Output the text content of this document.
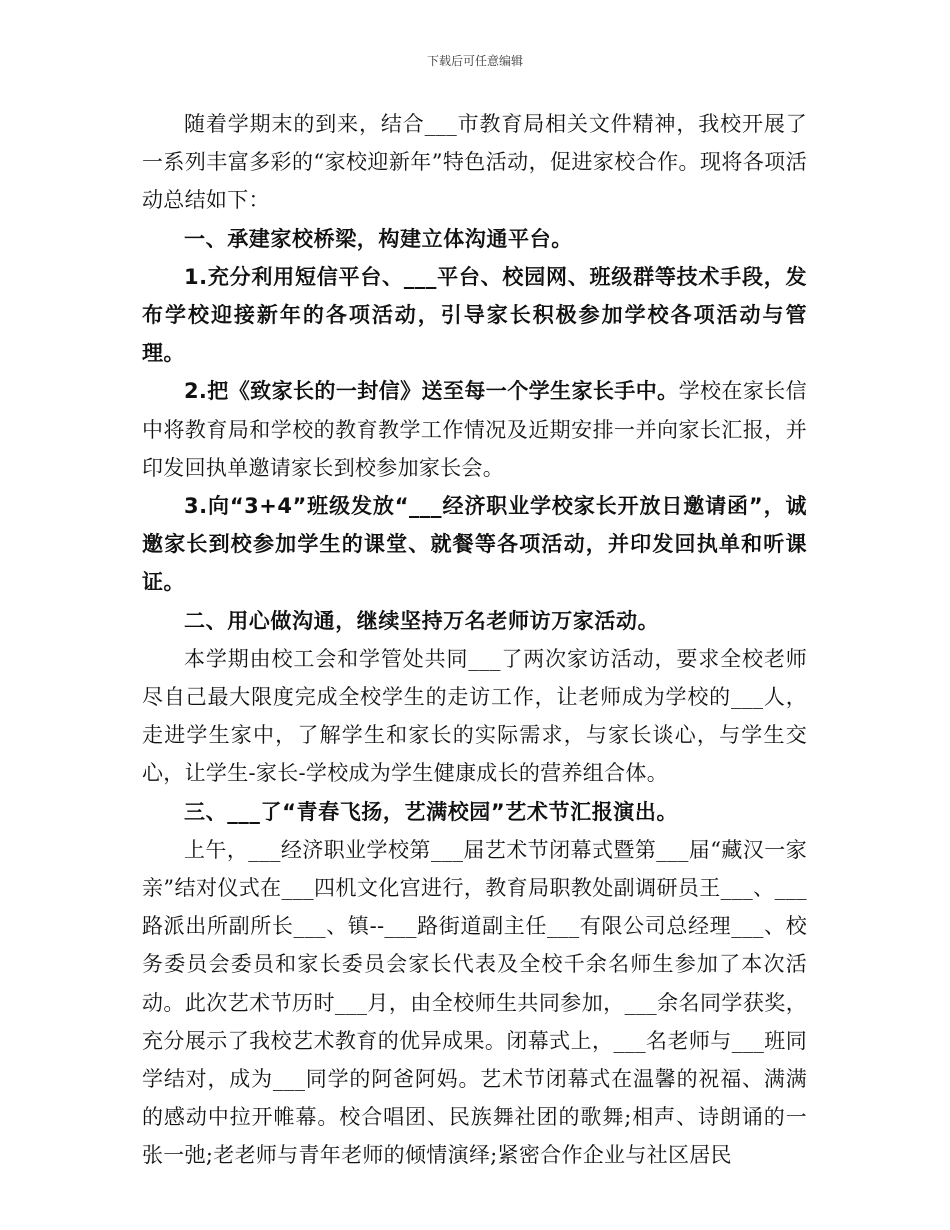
下载后可任意编辑

随着学期末的到来，结合___市教育局相关文件精神，我校开展了一系列丰富多彩的“家校迎新年”特色活动，促进家校合作。现将各项活动总结如下：

一、承建家校桥梁，构建立体沟通平台。

1.充分利用短信平台、___平台、校园网、班级群等技术手段，发布学校迎接新年的各项活动，引导家长积极参加学校各项活动与管理。

2.把《致家长的一封信》送至每一个学生家长手中。学校在家长信中将教育局和学校的教育教学工作情况及近期安排一并向家长汇报，并印发回执单邀请家长到校参加家长会。

3.向“3+4”班级发放“___经济职业学校家长开放日邀请函”，诚邀家长到校参加学生的课堂、就餐等各项活动，并印发回执单和听课证。

二、用心做沟通，继续坚持万名老师访万家活动。

本学期由校工会和学管处共同___了两次家访活动，要求全校老师尽自己最大限度完成全校学生的走访工作，让老师成为学校的___人，走进学生家中，了解学生和家长的实际需求，与家长谈心，与学生交心，让学生-家长-学校成为学生健康成长的营养组合体。

三、___了“青春飞扬，艺满校园”艺术节汇报演出。

上午，___经济职业学校第___届艺术节闭幕式暨第___届“藏汉一家亲”结对仪式在___四机文化宫进行，教育局职教处副调研员王___、___路派出所副所长___、镇--___路街道副主任___有限公司总经理___、校务委员会委员和家长委员会家长代表及全校千余名师生参加了本次活动。此次艺术节历时___月，由全校师生共同参加，___余名同学获奖，充分展示了我校艺术教育的优异成果。闭幕式上，___名老师与___班同学结对，成为___同学的阿爸阿妈。艺术节闭幕式在温馨的祝福、满满的感动中拉开帷幕。校合唱团、民族舞社团的歌舞;相声、诗朗诵的一张一弛;老老师与青年老师的倾情演绎;紧密合作企业与社区居民
